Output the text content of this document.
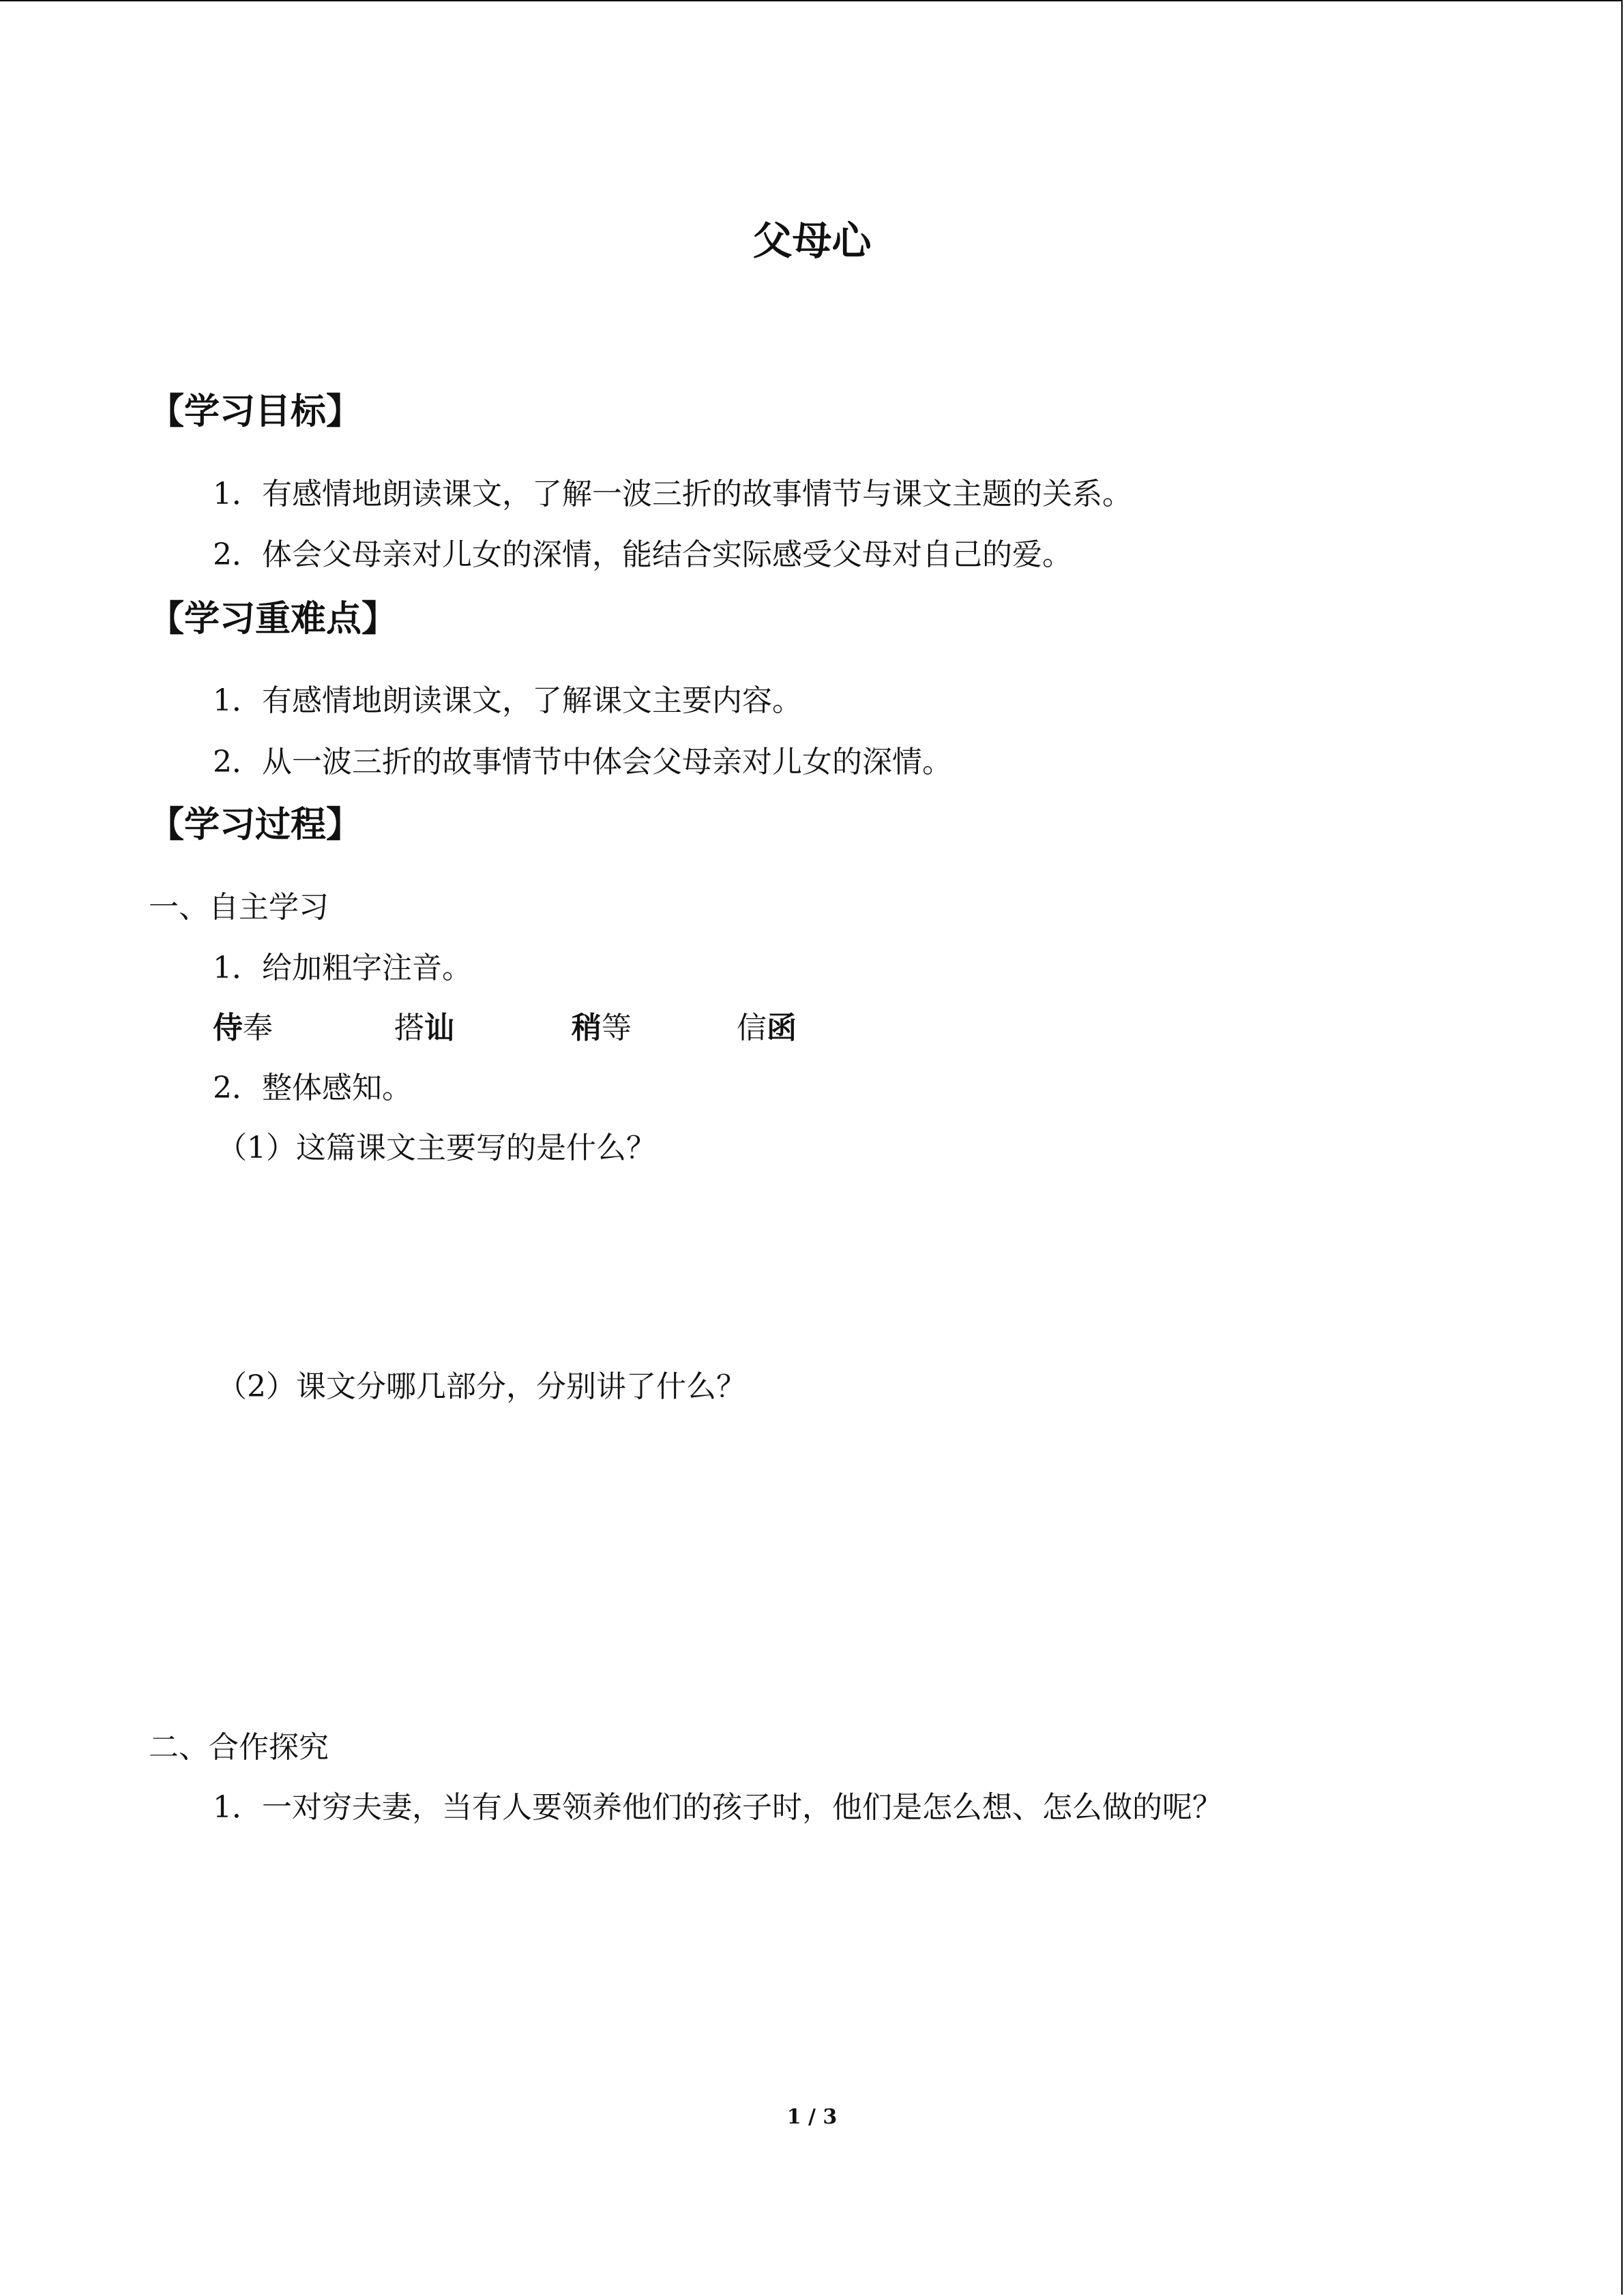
父母心
【学习目标】
1．有感情地朗读课文，了解一波三折的故事情节与课文主题的关系。
2．体会父母亲对儿女的深情，能结合实际感受父母对自己的爱。
【学习重难点】
1．有感情地朗读课文，了解课文主要内容。
2．从一波三折的故事情节中体会父母亲对儿女的深情。
【学习过程】
一、自主学习
1．给加粗字注音。
侍奉	搭讪	稍等	信函
2．整体感知。
（1）这篇课文主要写的是什么？
（2）课文分哪几部分，分别讲了什么？
二、合作探究
1．一对穷夫妻，当有人要领养他们的孩子时，他们是怎么想、怎么做的呢？
1 / 3
